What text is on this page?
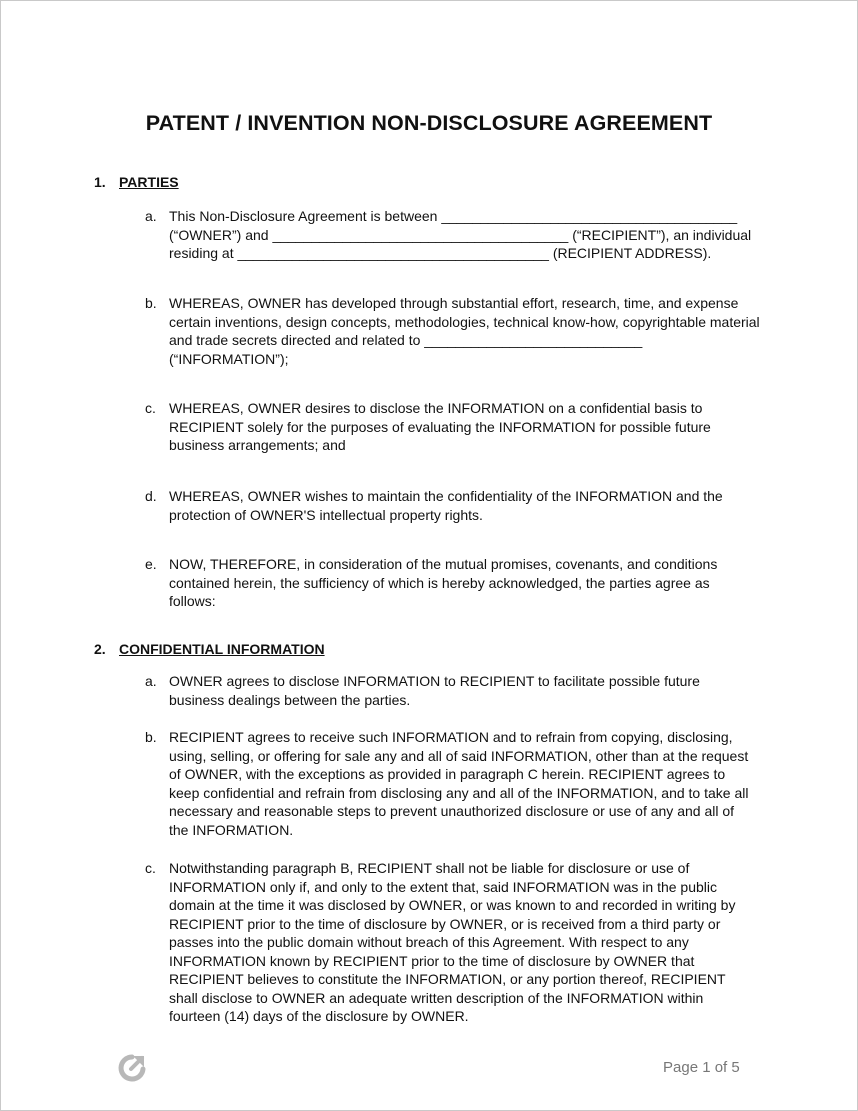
PATENT / INVENTION NON-DISCLOSURE AGREEMENT
1. PARTIES
a. This Non-Disclosure Agreement is between ______________________________________
(“OWNER”) and ______________________________________ (“RECIPIENT”), an individual
residing at ________________________________________ (RECIPIENT ADDRESS).
b. WHEREAS, OWNER has developed through substantial effort, research, time, and expense
certain inventions, design concepts, methodologies, technical know-how, copyrightable material
and trade secrets directed and related to ____________________________
(“INFORMATION”);
c. WHEREAS, OWNER desires to disclose the INFORMATION on a confidential basis to
RECIPIENT solely for the purposes of evaluating the INFORMATION for possible future
business arrangements; and
d. WHEREAS, OWNER wishes to maintain the confidentiality of the INFORMATION and the
protection of OWNER'S intellectual property rights.
e. NOW, THEREFORE, in consideration of the mutual promises, covenants, and conditions
contained herein, the sufficiency of which is hereby acknowledged, the parties agree as
follows:
2. CONFIDENTIAL INFORMATION
a. OWNER agrees to disclose INFORMATION to RECIPIENT to facilitate possible future
business dealings between the parties.
b. RECIPIENT agrees to receive such INFORMATION and to refrain from copying, disclosing,
using, selling, or offering for sale any and all of said INFORMATION, other than at the request
of OWNER, with the exceptions as provided in paragraph C herein. RECIPIENT agrees to
keep confidential and refrain from disclosing any and all of the INFORMATION, and to take all
necessary and reasonable steps to prevent unauthorized disclosure or use of any and all of
the INFORMATION.
c. Notwithstanding paragraph B, RECIPIENT shall not be liable for disclosure or use of
INFORMATION only if, and only to the extent that, said INFORMATION was in the public
domain at the time it was disclosed by OWNER, or was known to and recorded in writing by
RECIPIENT prior to the time of disclosure by OWNER, or is received from a third party or
passes into the public domain without breach of this Agreement. With respect to any
INFORMATION known by RECIPIENT prior to the time of disclosure by OWNER that
RECIPIENT believes to constitute the INFORMATION, or any portion thereof, RECIPIENT
shall disclose to OWNER an adequate written description of the INFORMATION within
fourteen (14) days of the disclosure by OWNER.
Page 1 of 5
